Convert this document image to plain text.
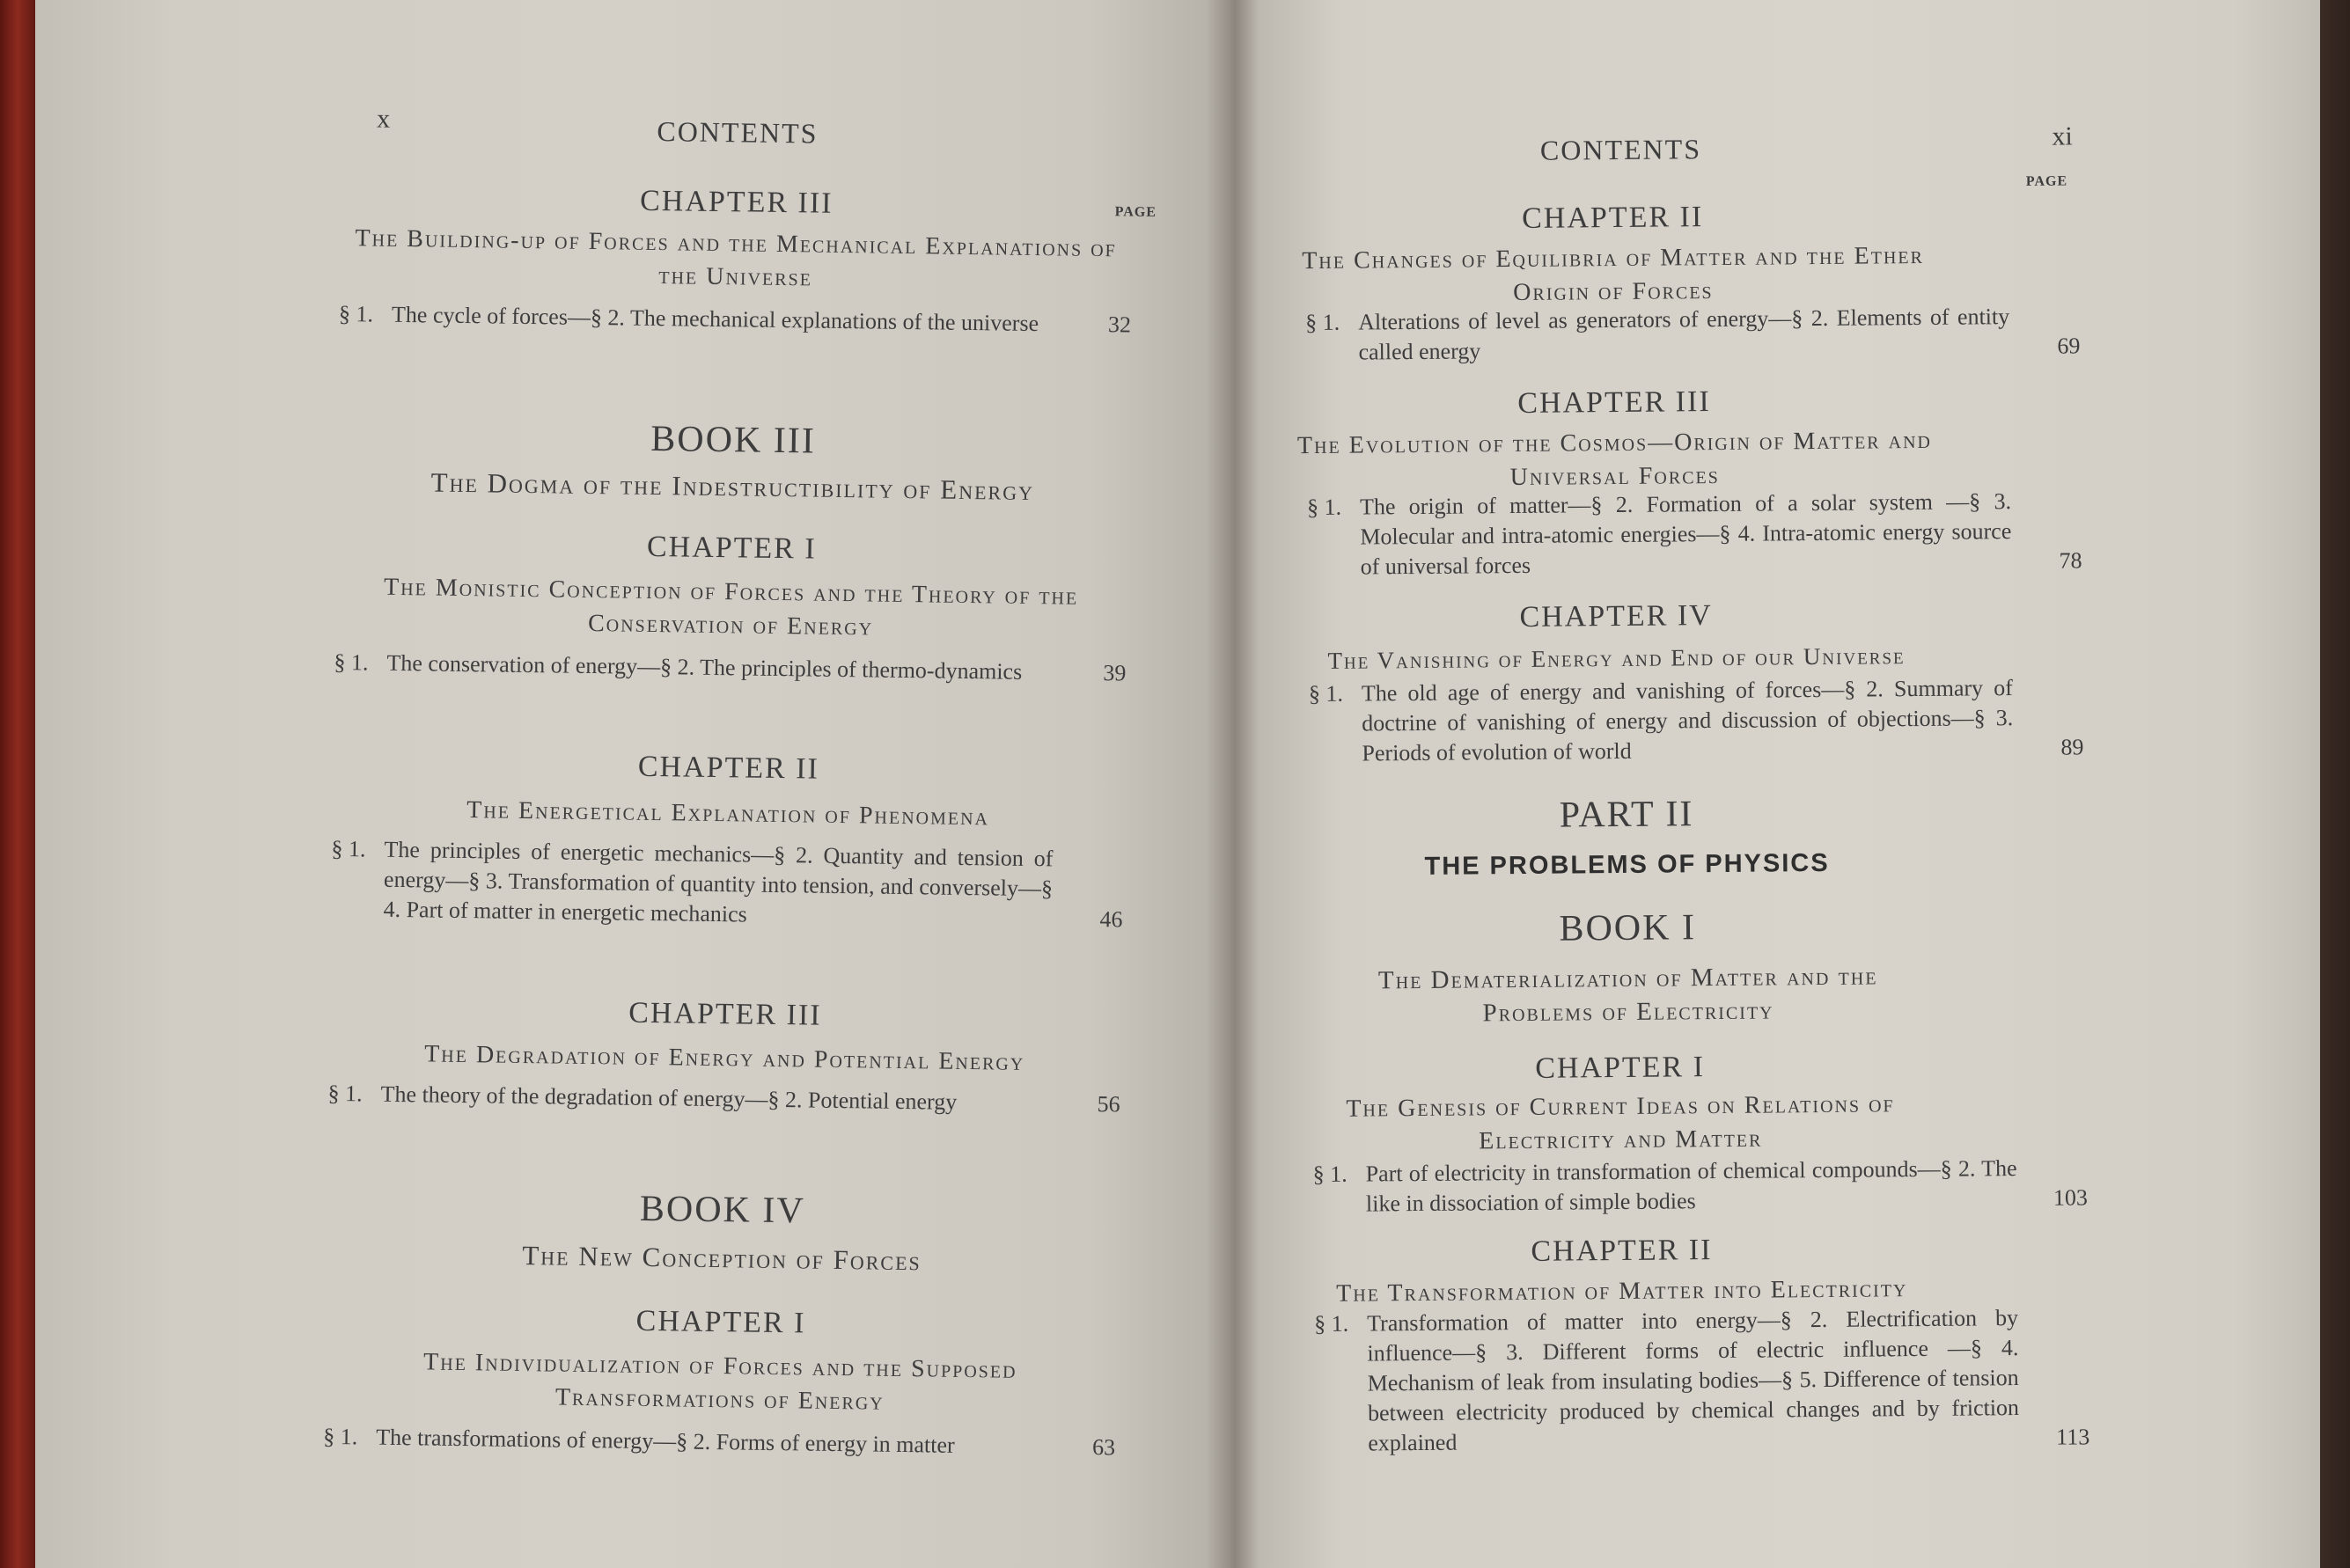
x	CONTENTS
PAGE
CHAPTER III
The Building-up of Forces and the Mechanical Explanations of the Universe
§ 1. The cycle of forces—§ 2. The mechanical explanations of the universe	32
BOOK III
The Dogma of the Indestructibility of Energy
CHAPTER I
The Monistic Conception of Forces and the Theory of the Conservation of Energy
§ 1. The conservation of energy—§ 2. The principles of thermo-dynamics	39
CHAPTER II
The Energetical Explanation of Phenomena
§ 1. The principles of energetic mechanics—§ 2. Quantity and tension of energy—§ 3. Transformation of quantity into tension, and conversely—§ 4. Part of matter in energetic mechanics	46
CHAPTER III
The Degradation of Energy and Potential Energy
§ 1. The theory of the degradation of energy—§ 2. Potential energy	56
BOOK IV
The New Conception of Forces
CHAPTER I
The Individualization of Forces and the Supposed Transformations of Energy
§ 1. The transformations of energy—§ 2. Forms of energy in matter	63
CONTENTS	xi
PAGE
CHAPTER II
The Changes of Equilibria of Matter and the Ether Origin of Forces
§ 1. Alterations of level as generators of energy—§ 2. Elements of entity called energy	69
CHAPTER III
The Evolution of the Cosmos—Origin of Matter and Universal Forces
§ 1. The origin of matter—§ 2. Formation of a solar system —§ 3. Molecular and intra-atomic energies—§ 4. Intra-atomic energy source of universal forces	78
CHAPTER IV
The Vanishing of Energy and End of our Universe
§ 1. The old age of energy and vanishing of forces—§ 2. Summary of doctrine of vanishing of energy and discussion of objections—§ 3. Periods of evolution of world	89
PART II
THE PROBLEMS OF PHYSICS
BOOK I
The Dematerialization of Matter and the Problems of Electricity
CHAPTER I
The Genesis of Current Ideas on Relations of Electricity and Matter
§ 1. Part of electricity in transformation of chemical compounds—§ 2. The like in dissociation of simple bodies	103
CHAPTER II
The Transformation of Matter into Electricity
§ 1. Transformation of matter into energy—§ 2. Electrification by influence—§ 3. Different forms of electric influence —§ 4. Mechanism of leak from insulating bodies—§ 5. Difference of tension between electricity produced by chemical changes and by friction explained	113
